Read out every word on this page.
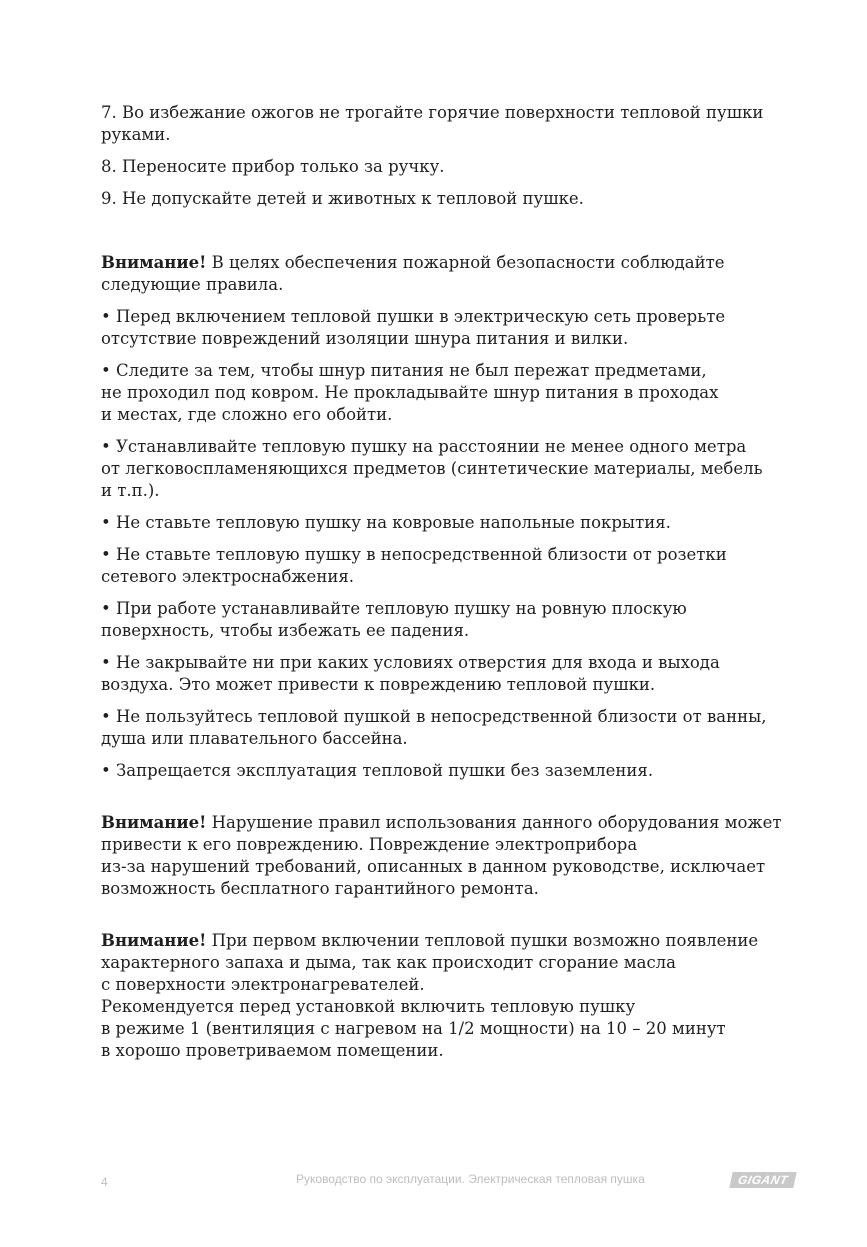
7. Во избежание ожогов не трогайте горячие поверхности тепловой пушки
руками.

8. Переносите прибор только за ручку.

9. Не допускайте детей и животных к тепловой пушке.

Внимание! В целях обеспечения пожарной безопасности соблюдайте
следующие правила.

• Перед включением тепловой пушки в электрическую сеть проверьте
отсутствие повреждений изоляции шнура питания и вилки.

• Следите за тем, чтобы шнур питания не был пережат предметами,
не проходил под ковром. Не прокладывайте шнур питания в проходах
и местах, где сложно его обойти.

• Устанавливайте тепловую пушку на расстоянии не менее одного метра
от легковоспламеняющихся предметов (синтетические материалы, мебель
и т.п.).

• Не ставьте тепловую пушку на ковровые напольные покрытия.

• Не ставьте тепловую пушку в непосредственной близости от розетки
сетевого электроснабжения.

• При работе устанавливайте тепловую пушку на ровную плоскую
поверхность, чтобы избежать ее падения.

• Не закрывайте ни при каких условиях отверстия для входа и выхода
воздуха. Это может привести к повреждению тепловой пушки.

• Не пользуйтесь тепловой пушкой в непосредственной близости от ванны,
душа или плавательного бассейна.

• Запрещается эксплуатация тепловой пушки без заземления.

Внимание! Нарушение правил использования данного оборудования может
привести к его повреждению. Повреждение электроприбора
из-за нарушений требований, описанных в данном руководстве, исключает
возможность бесплатного гарантийного ремонта.

Внимание! При первом включении тепловой пушки возможно появление
характерного запаха и дыма, так как происходит сгорание масла
с поверхности электронагревателей.
Рекомендуется перед установкой включить тепловую пушку
в режиме 1 (вентиляция с нагревом на 1/2 мощности) на 10 – 20 минут
в хорошо проветриваемом помещении.

4	Руководство по эксплуатации. Электрическая тепловая пушка	GIGANT
